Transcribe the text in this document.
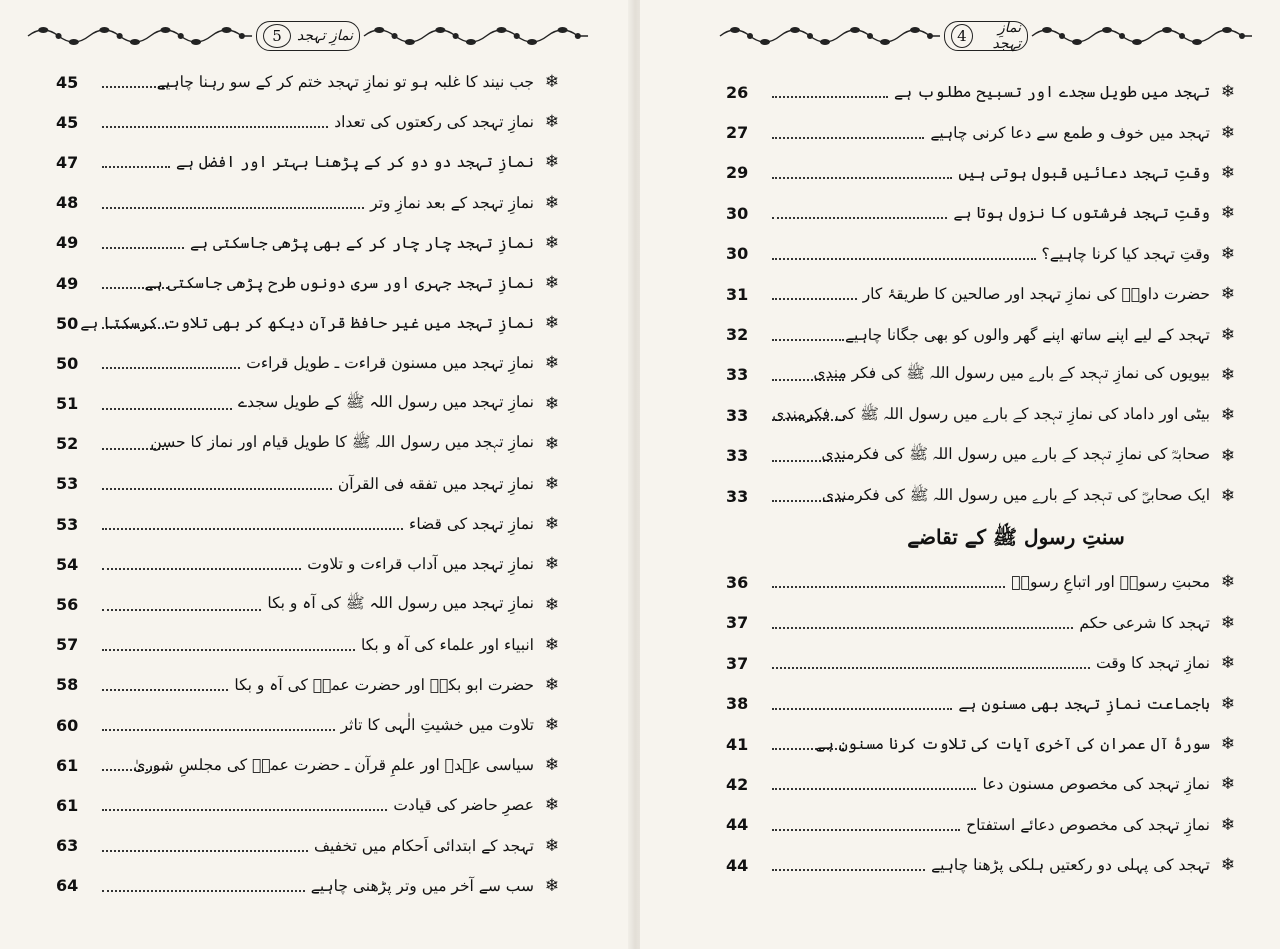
5	نمازِ تہجد
45	جب نیند کا غلبہ ہو تو نمازِ تہجد ختم کر کے سو رہنا چاہیے ❄
45	نمازِ تہجد کی رکعتوں کی تعداد ❄
47	نمازِ تہجد دو دو کر کے پڑھنا بہتر اور افضل ہے ❄
48	نمازِ تہجد کے بعد نمازِ وتر ❄
49	نمازِ تہجد چار چار کر کے بھی پڑھی جاسکتی ہے ❄
49	نمازِ تہجد جہری اور سری دونوں طرح پڑھی جاسکتی ہے ❄
50 نمازِ تہجد میں غیر حافظ قرآن دیکھ کر بھی تلاوت کرسکتا ہے ❄
50	نمازِ تہجد میں مسنون قراءت ـ طویل قراءت ❄
51	نمازِ تہجد میں رسول اللہ ﷺ کے طویل سجدے ❄
52	نمازِ تہجد میں رسول اللہ ﷺ کا طویل قیام اور نماز کا حسن ❄
53	نمازِ تہجد میں تفقه فی القرآن ❄
53	نمازِ تہجد کی قضاء ❄
54	نمازِ تہجد میں آداب قراءت و تلاوت ❄
56	نمازِ تہجد میں رسول اللہ ﷺ کی آہ و بکا ❄
57	انبیاء اور علماء کی آہ و بکا ❄
58	حضرت ابو بکرؓ اور حضرت عمرؓ کی آہ و بکا ❄
60	تلاوت میں خشیتِ الٰہی کا تاثر ❄
61	سیاسی عہدے اور علمِ قرآن ـ حضرت عمرؓ کی مجلسِ شوریٰ ❄
61	عصرِ حاضر کی قیادت ❄
63	تہجد کے ابتدائی اَحکام میں تخفیف ❄
64	سب سے آخر میں وتر پڑھنی چاہیے ❄
4	نمازِ تہجد
26	تہجد میں طویل سجدے اور تسبیح مطلوب ہے ❄
27	تہجد میں خوف و طمع سے دعا کرنی چاہیے ❄
29	وقتِ تہجد دعائیں قبول ہوتی ہیں ❄
30	وقتِ تہجد فرشتوں کا نزول ہوتا ہے ❄
30	وقتِ تہجد کیا کرنا چاہیے؟ ❄
31	حضرت داودؑ کی نمازِ تہجد اور صالحین کا طریقۂ کار ❄
32	تہجد کے لیے اپنے ساتھ اپنے گھر والوں کو بھی جگانا چاہیے ❄
33	بیویوں کی نمازِ تہجد کے بارے میں رسول اللہ ﷺ کی فکر مندی ❄
33	بیٹی اور داماد کی نمازِ تہجد کے بارے میں رسول اللہ ﷺ کی فکرمندی ❄
33	صحابہؓ کی نمازِ تہجد کے بارے میں رسول اللہ ﷺ کی فکرمندی ❄
33	ایک صحابیؓ کی تہجد کے بارے میں رسول اللہ ﷺ کی فکرمندی ❄
سنتِ رسول ﷺ کے تقاضے
36	محبتِ رسولؐ اور اتباعِ رسولؐ ❄
37	تہجد کا شرعی حکم ❄
37	نمازِ تہجد کا وقت ❄
38	باجماعت نمازِ تہجد بھی مسنون ہے ❄
41	سورۂ آل عمران کی آخری آیات کی تلاوت کرنا مسنون ہے ❄
42	نمازِ تہجد کی مخصوص مسنون دعا ❄
44	نمازِ تہجد کی مخصوص دعائے استفتاح ❄
44	تہجد کی پہلی دو رکعتیں ہلکی پڑھنا چاہیے ❄
